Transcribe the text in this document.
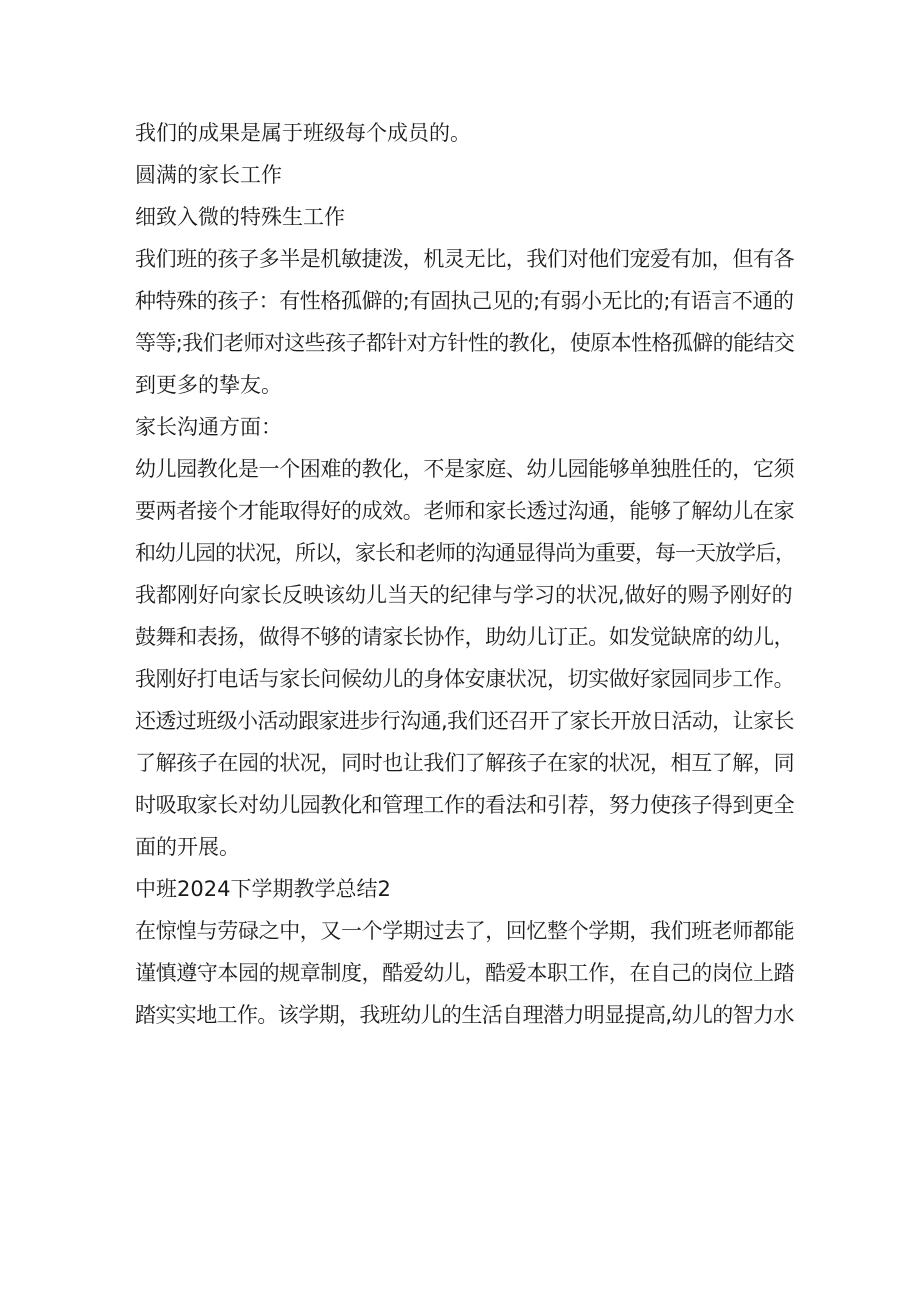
我们的成果是属于班级每个成员的。
圆满的家长工作
细致入微的特殊生工作
我们班的孩子多半是机敏捷泼，机灵无比，我们对他们宠爱有加，但有各
种特殊的孩子：有性格孤僻的;有固执己见的;有弱小无比的;有语言不通的
等等;我们老师对这些孩子都针对方针性的教化，使原本性格孤僻的能结交
到更多的挚友。
家长沟通方面：
幼儿园教化是一个困难的教化，不是家庭、幼儿园能够单独胜任的，它须
要两者接个才能取得好的成效。老师和家长透过沟通，能够了解幼儿在家
和幼儿园的状况，所以，家长和老师的沟通显得尚为重要，每一天放学后，
我都刚好向家长反映该幼儿当天的纪律与学习的状况,做好的赐予刚好的
鼓舞和表扬，做得不够的请家长协作，助幼儿订正。如发觉缺席的幼儿，
我刚好打电话与家长问候幼儿的身体安康状况，切实做好家园同步工作。
还透过班级小活动跟家进步行沟通,我们还召开了家长开放日活动，让家长
了解孩子在园的状况，同时也让我们了解孩子在家的状况，相互了解，同
时吸取家长对幼儿园教化和管理工作的看法和引荐，努力使孩子得到更全
面的开展。
中班2024下学期教学总结2
在惊惶与劳碌之中，又一个学期过去了，回忆整个学期，我们班老师都能
谨慎遵守本园的规章制度，酷爱幼儿，酷爱本职工作，在自己的岗位上踏
踏实实地工作。该学期，我班幼儿的生活自理潜力明显提高,幼儿的智力水
